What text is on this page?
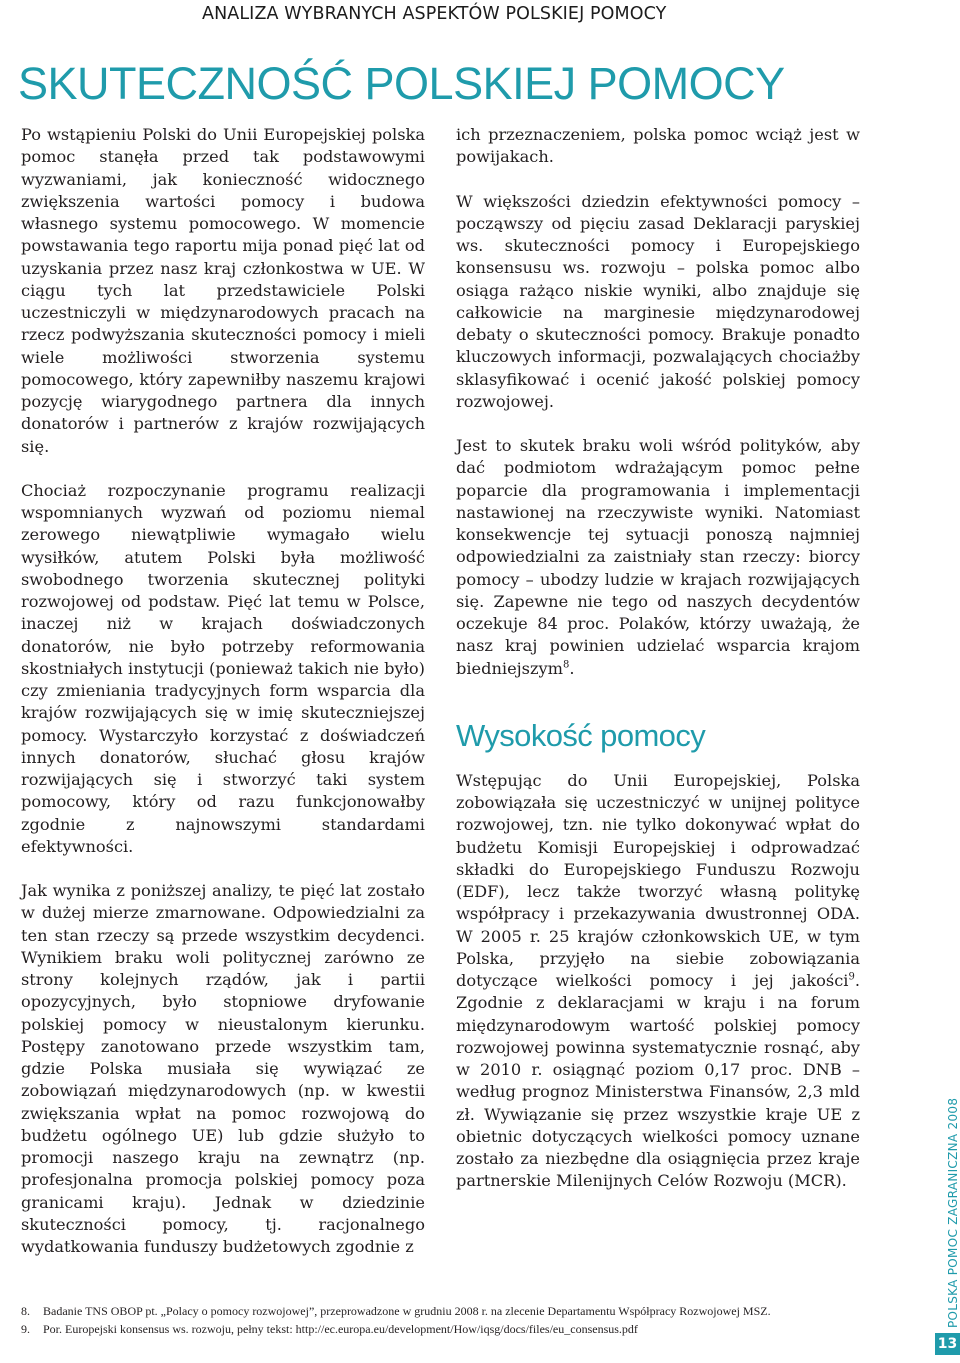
ANALIZA WYBRANYCH ASPEKTÓW POLSKIEJ POMOCY
SKUTECZNOŚĆ POLSKIEJ POMOCY

Po wstąpieniu Polski do Unii Europejskiej polska pomoc stanęła przed tak podstawowymi wyzwaniami, jak konieczność widocznego zwiększenia wartości pomocy i budowa własnego systemu pomocowego. W momencie powstawania tego raportu mija ponad pięć lat od uzyskania przez nasz kraj członkostwa w UE. W ciągu tych lat przedstawiciele Polski uczestniczyli w międzynarodowych pracach na rzecz podwyższania skuteczności pomocy i mieli wiele możliwości stworzenia systemu pomocowego, który zapewniłby naszemu krajowi pozycję wiarygodnego partnera dla innych donatorów i partnerów z krajów rozwijających się.

Chociaż rozpoczynanie programu realizacji wspomnianych wyzwań od poziomu niemal zerowego niewątpliwie wymagało wielu wysiłków, atutem Polski była możliwość swobodnego tworzenia skutecznej polityki rozwojowej od podstaw. Pięć lat temu w Polsce, inaczej niż w krajach doświadczonych donatorów, nie było potrzeby reformowania skostniałych instytucji (ponieważ takich nie było) czy zmieniania tradycyjnych form wsparcia dla krajów rozwijających się w imię skuteczniejszej pomocy. Wystarczyło korzystać z doświadczeń innych donatorów, słuchać głosu krajów rozwijających się i stworzyć taki system pomocowy, który od razu funkcjonowałby zgodnie z najnowszymi standardami efektywności.

Jak wynika z poniższej analizy, te pięć lat zostało w dużej mierze zmarnowane. Odpowiedzialni za ten stan rzeczy są przede wszystkim decydenci. Wynikiem braku woli politycznej zarówno ze strony kolejnych rządów, jak i partii opozycyjnych, było stopniowe dryfowanie polskiej pomocy w nieustalonym kierunku. Postępy zanotowano przede wszystkim tam, gdzie Polska musiała się wywiązać ze zobowiązań międzynarodowych (np. w kwestii zwiększania wpłat na pomoc rozwojową do budżetu ogólnego UE) lub gdzie służyło to promocji naszego kraju na zewnątrz (np. profesjonalna promocja polskiej pomocy poza granicami kraju). Jednak w dziedzinie skuteczności pomocy, tj. racjonalnego wydatkowania funduszy budżetowych zgodnie z

ich przeznaczeniem, polska pomoc wciąż jest w powijakach.

W większości dziedzin efektywności pomocy – począwszy od pięciu zasad Deklaracji paryskiej ws. skuteczności pomocy i Europejskiego konsensusu ws. rozwoju – polska pomoc albo osiąga rażąco niskie wyniki, albo znajduje się całkowicie na marginesie międzynarodowej debaty o skuteczności pomocy. Brakuje ponadto kluczowych informacji, pozwalających chociażby sklasyfikować i ocenić jakość polskiej pomocy rozwojowej.

Jest to skutek braku woli wśród polityków, aby dać podmiotom wdrażającym pomoc pełne poparcie dla programowania i implementacji nastawionej na rzeczywiste wyniki. Natomiast konsekwencje tej sytuacji ponoszą najmniej odpowiedzialni za zaistniały stan rzeczy: biorcy pomocy – ubodzy ludzie w krajach rozwijających się. Zapewne nie tego od naszych decydentów oczekuje 84 proc. Polaków, którzy uważają, że nasz kraj powinien udzielać wsparcia krajom biedniejszym$^8$.

Wysokość pomocy

Wstępując do Unii Europejskiej, Polska zobowiązała się uczestniczyć w unijnej polityce rozwojowej, tzn. nie tylko dokonywać wpłat do budżetu Komisji Europejskiej i odprowadzać składki do Europejskiego Funduszu Rozwoju (EDF), lecz także tworzyć własną politykę współpracy i przekazywania dwustronnej ODA. W 2005 r. 25 krajów członkowskich UE, w tym Polska, przyjęło na siebie zobowiązania dotyczące wielkości pomocy i jej jakości$^9$. Zgodnie z deklaracjami w kraju i na forum międzynarodowym wartość polskiej pomocy rozwojowej powinna systematycznie rosnąć, aby w 2010 r. osiągnąć poziom 0,17 proc. DNB – według prognoz Ministerstwa Finansów, 2,3 mld zł. Wywiązanie się przez wszystkie kraje UE z obietnic dotyczących wielkości pomocy uznane zostało za niezbędne dla osiągnięcia przez kraje partnerskie Milenijnych Celów Rozwoju (MCR).

8. Badanie TNS OBOP pt. „Polacy o pomocy rozwojowej”, przeprowadzone w grudniu 2008 r. na zlecenie Departamentu Współpracy Rozwojowej MSZ.
9. Por. Europejski konsensus ws. rozwoju, pełny tekst: http://ec.europa.eu/development/How/iqsg/docs/files/eu_consensus.pdf
POLSKA POMOC ZAGRANICZNA 2008
13
